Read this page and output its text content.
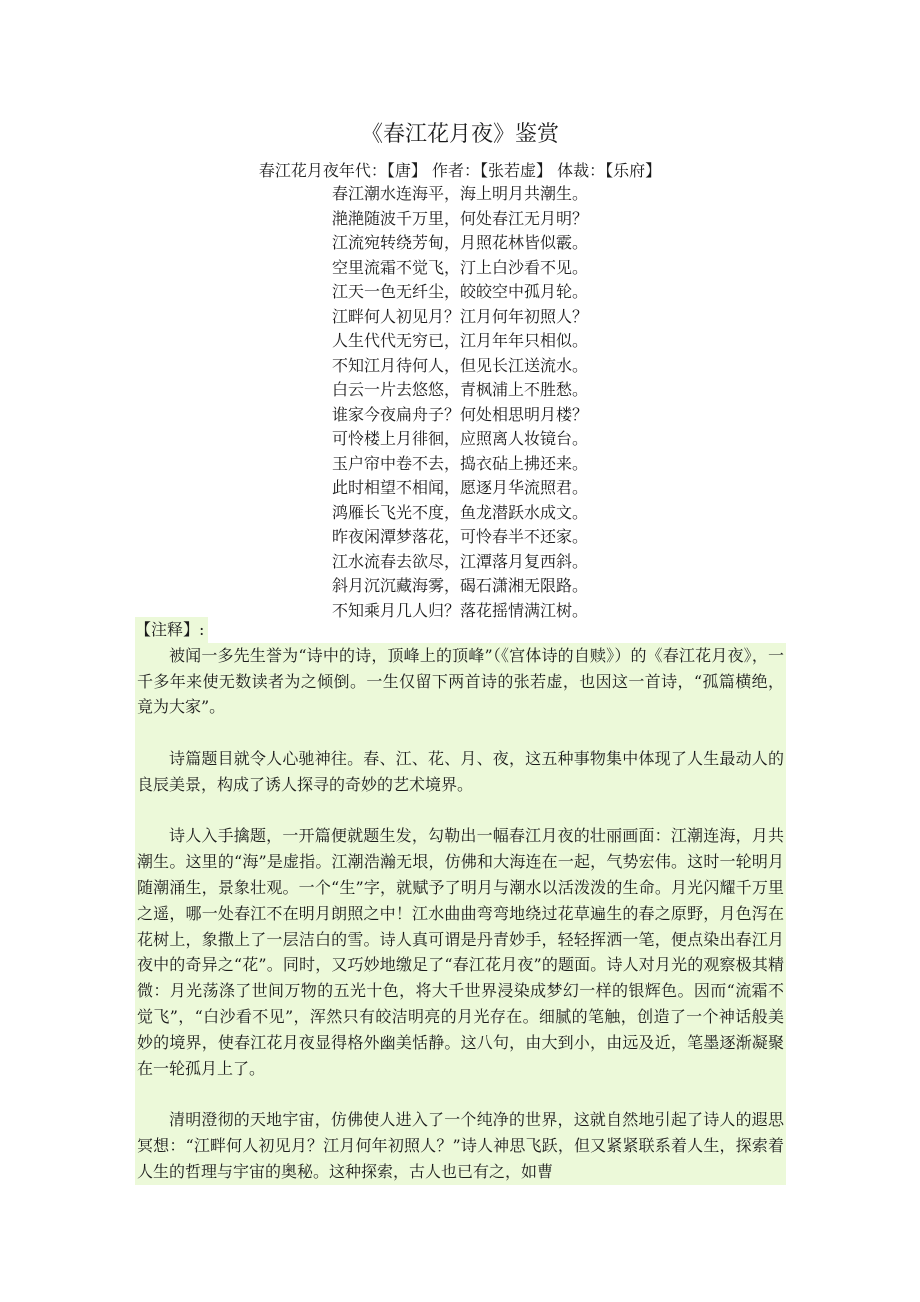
《春江花月夜》鉴赏
春江花月夜年代：【唐】 作者：【张若虚】 体裁：【乐府】
春江潮水连海平，海上明月共潮生。
滟滟随波千万里，何处春江无月明？
江流宛转绕芳甸，月照花林皆似霰。
空里流霜不觉飞，汀上白沙看不见。
江天一色无纤尘，皎皎空中孤月轮。
江畔何人初见月？江月何年初照人？
人生代代无穷已，江月年年只相似。
不知江月待何人，但见长江送流水。
白云一片去悠悠，青枫浦上不胜愁。
谁家今夜扁舟子？何处相思明月楼？
可怜楼上月徘徊，应照离人妆镜台。
玉户帘中卷不去，捣衣砧上拂还来。
此时相望不相闻，愿逐月华流照君。
鸿雁长飞光不度，鱼龙潜跃水成文。
昨夜闲潭梦落花，可怜春半不还家。
江水流春去欲尽，江潭落月复西斜。
斜月沉沉藏海雾，碣石潇湘无限路。
不知乘月几人归？落花摇情满江树。
【注释】:

被闻一多先生誉为“诗中的诗，顶峰上的顶峰”（《宫体诗的自赎》）的《春江花月夜》，一千多年来使无数读者为之倾倒。一生仅留下两首诗的张若虚，也因这一首诗，“孤篇横绝，竟为大家”。

诗篇题目就令人心驰神往。春、江、花、月、夜，这五种事物集中体现了人生最动人的良辰美景，构成了诱人探寻的奇妙的艺术境界。

诗人入手擒题，一开篇便就题生发，勾勒出一幅春江月夜的壮丽画面：江潮连海，月共潮生。这里的“海”是虚指。江潮浩瀚无垠，仿佛和大海连在一起，气势宏伟。这时一轮明月随潮涌生，景象壮观。一个“生”字，就赋予了明月与潮水以活泼泼的生命。月光闪耀千万里之遥，哪一处春江不在明月朗照之中！江水曲曲弯弯地绕过花草遍生的春之原野，月色泻在花树上，象撒上了一层洁白的雪。诗人真可谓是丹青妙手，轻轻挥洒一笔，便点染出春江月夜中的奇异之“花”。同时，又巧妙地缴足了“春江花月夜”的题面。诗人对月光的观察极其精微：月光荡涤了世间万物的五光十色，将大千世界浸染成梦幻一样的银辉色。因而“流霜不觉飞”，“白沙看不见”，浑然只有皎洁明亮的月光存在。细腻的笔触，创造了一个神话般美妙的境界，使春江花月夜显得格外幽美恬静。这八句，由大到小，由远及近，笔墨逐渐凝聚在一轮孤月上了。

清明澄彻的天地宇宙，仿佛使人进入了一个纯净的世界，这就自然地引起了诗人的遐思冥想：“江畔何人初见月？江月何年初照人？”诗人神思飞跃，但又紧紧联系着人生，探索着人生的哲理与宇宙的奥秘。这种探索，古人也已有之，如曹
